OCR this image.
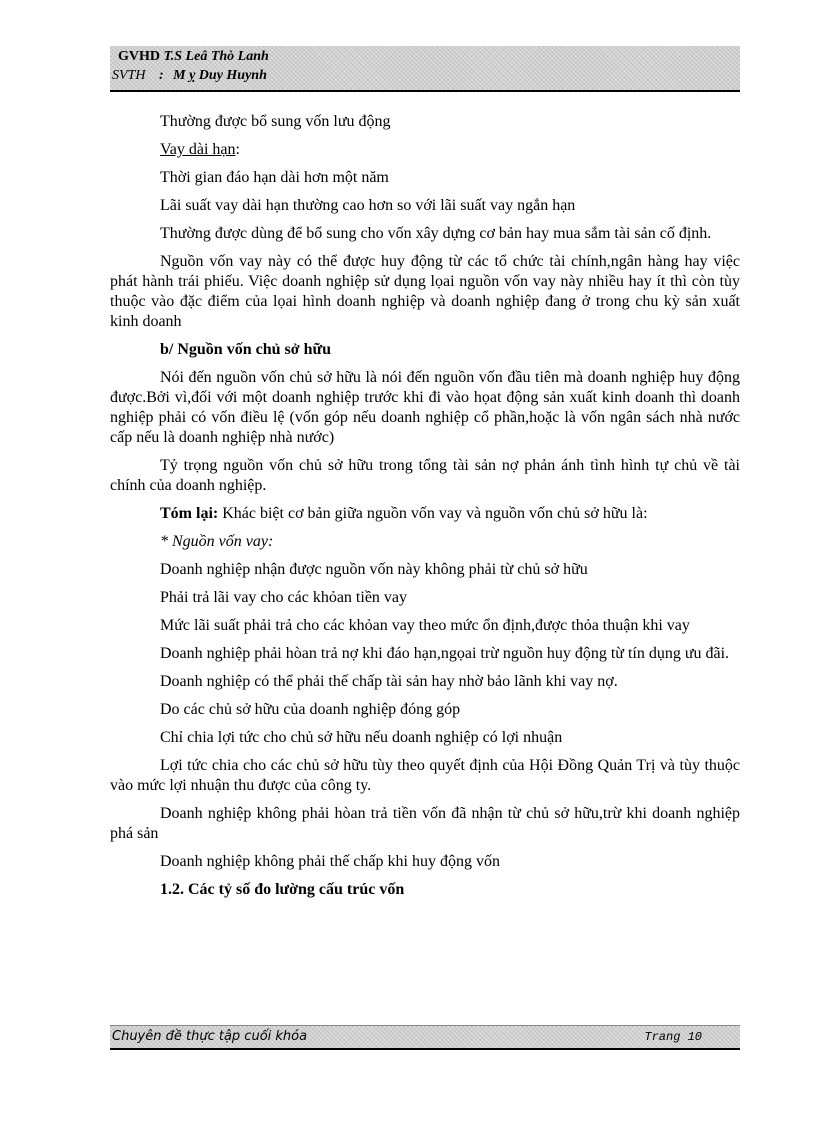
GVHD T.S Leâ Thò Lanh
SVTH : M ỵ Duy Huynh

Thường được bổ sung vốn lưu động

Vay dài hạn:

Thời gian đáo hạn dài hơn một năm

Lãi suất vay dài hạn thường cao hơn so với lãi suất vay ngắn hạn

Thường được dùng để bổ sung cho vốn xây dựng cơ bản hay mua sắm tài sản cố định.

Nguồn vốn vay này có thể được huy động từ các tổ chức tài chính,ngân hàng hay việc phát hành trái phiếu. Việc doanh nghiệp sử dụng lọai nguồn vốn vay này nhiều hay ít thì còn tùy thuộc vào đặc điểm của lọai hình doanh nghiệp và doanh nghiệp đang ở trong chu kỳ sản xuất kinh doanh

b/ Nguồn vốn chủ sở hữu

Nói đến nguồn vốn chủ sở hữu là nói đến nguồn vốn đầu tiên mà doanh nghiệp huy động được.Bởi vì,đối với một doanh nghiệp trước khi đi vào họat động sản xuất kinh doanh thì doanh nghiệp phải có vốn điều lệ (vốn góp nếu doanh nghiệp cổ phần,hoặc là vốn ngân sách nhà nước cấp nếu là doanh nghiệp nhà nước)

Tỷ trọng nguồn vốn chủ sở hữu trong tổng tài sản nợ phản ánh tình hình tự chủ về tài chính của doanh nghiệp.

Tóm lại: Khác biệt cơ bản giữa nguồn vốn vay và nguồn vốn chủ sở hữu là:

* Nguồn vốn vay:

Doanh nghiệp nhận được nguồn vốn này không phải từ chủ sở hữu

Phải trả lãi vay cho các khỏan tiền vay

Mức lãi suất phải trả cho các khỏan vay theo mức ổn định,được thỏa thuận khi vay

Doanh nghiệp phải hòan trả nợ khi đáo hạn,ngọai trừ nguồn huy động từ tín dụng ưu đãi.

Doanh nghiệp có thể phải thế chấp tài sản hay nhờ bảo lãnh khi vay nợ.

Do các chủ sở hữu của doanh nghiệp đóng góp

Chỉ chia lợi tức cho chủ sở hữu nếu doanh nghiệp có lợi nhuận

Lợi tức chia cho các chủ sở hữu tùy theo quyết định của Hội Đồng Quản Trị và tùy thuộc vào mức lợi nhuận thu được của công ty.

Doanh nghiệp không phải hòan trả tiền vốn đã nhận từ chủ sở hữu,trừ khi doanh nghiệp phá sản

Doanh nghiệp không phải thế chấp khi huy động vốn

1.2. Các tỷ số đo lường cấu trúc vốn

Chuyên đề thực tập cuối khóa	Trang 10
